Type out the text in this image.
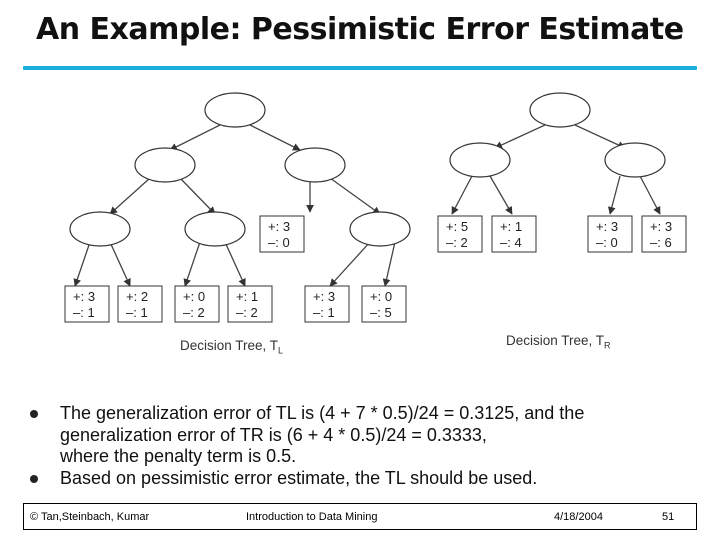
An Example: Pessimistic Error Estimate
+: 3
–: 0
+: 3
–: 1
+: 2
–: 1
+: 0
–: 2
+: 1
–: 2
+: 3
–: 1
+: 0
–: 5
+: 5
–: 2
+: 1
–: 4
+: 3
–: 0
+: 3
–: 6
Decision Tree, $T_L$
Decision Tree, $T_R$
The generalization error of TL is (4 + 7 * 0.5)/24 = 0.3125, and the
generalization error of TR is (6 + 4 * 0.5)/24 = 0.3333,
where the penalty term is 0.5.
Based on pessimistic error estimate, the TL should be used.
© Tan,Steinbach, Kumar	Introduction to Data Mining	4/18/2004	51
